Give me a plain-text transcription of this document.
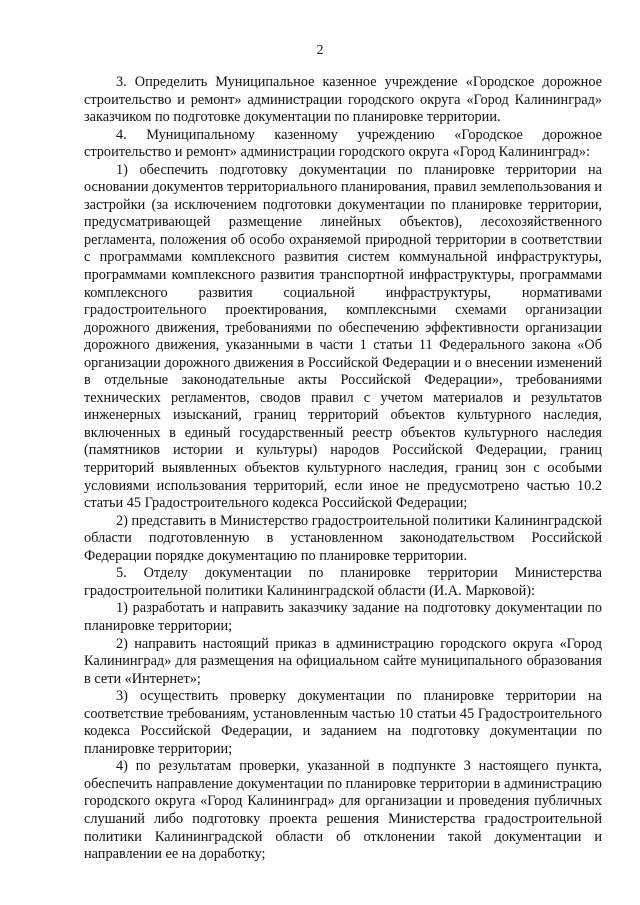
2

3. Определить Муниципальное казенное учреждение «Городское дорожное строительство и ремонт» администрации городского округа «Город Калининград» заказчиком по подготовке документации по планировке территории.

4. Муниципальному казенному учреждению «Городское дорожное строительство и ремонт» администрации городского округа «Город Калининград»:

1) обеспечить подготовку документации по планировке территории на основании документов территориального планирования, правил землепользования и застройки (за исключением подготовки документации по планировке территории, предусматривающей размещение линейных объектов), лесохозяйственного регламента, положения об особо охраняемой природной территории в соответствии с программами комплексного развития систем коммунальной инфраструктуры, программами комплексного развития транспортной инфраструктуры, программами комплексного развития социальной инфраструктуры, нормативами градостроительного проектирования, комплексными схемами организации дорожного движения, требованиями по обеспечению эффективности организации дорожного движения, указанными в части 1 статьи 11 Федерального закона «Об организации дорожного движения в Российской Федерации и о внесении изменений в отдельные законодательные акты Российской Федерации», требованиями технических регламентов, сводов правил с учетом материалов и результатов инженерных изысканий, границ территорий объектов культурного наследия, включенных в единый государственный реестр объектов культурного наследия (памятников истории и культуры) народов Российской Федерации, границ территорий выявленных объектов культурного наследия, границ зон с особыми условиями использования территорий, если иное не предусмотрено частью 10.2 статьи 45 Градостроительного кодекса Российской Федерации;

2) представить в Министерство градостроительной политики Калининградской области подготовленную в установленном законодательством Российской Федерации порядке документацию по планировке территории.

5. Отделу документации по планировке территории Министерства градостроительной политики Калининградской области (И.А. Марковой):

1) разработать и направить заказчику задание на подготовку документации по планировке территории;

2) направить настоящий приказ в администрацию городского округа «Город Калининград» для размещения на официальном сайте муниципального образования в сети «Интернет»;

3) осуществить проверку документации по планировке территории на соответствие требованиям, установленным частью 10 статьи 45 Градостроительного кодекса Российской Федерации, и заданием на подготовку документации по планировке территории;

4) по результатам проверки, указанной в подпункте 3 настоящего пункта, обеспечить направление документации по планировке территории в администрацию городского округа «Город Калининград» для организации и проведения публичных слушаний либо подготовку проекта решения Министерства градостроительной политики Калининградской области об отклонении такой документации и направлении ее на доработку;
